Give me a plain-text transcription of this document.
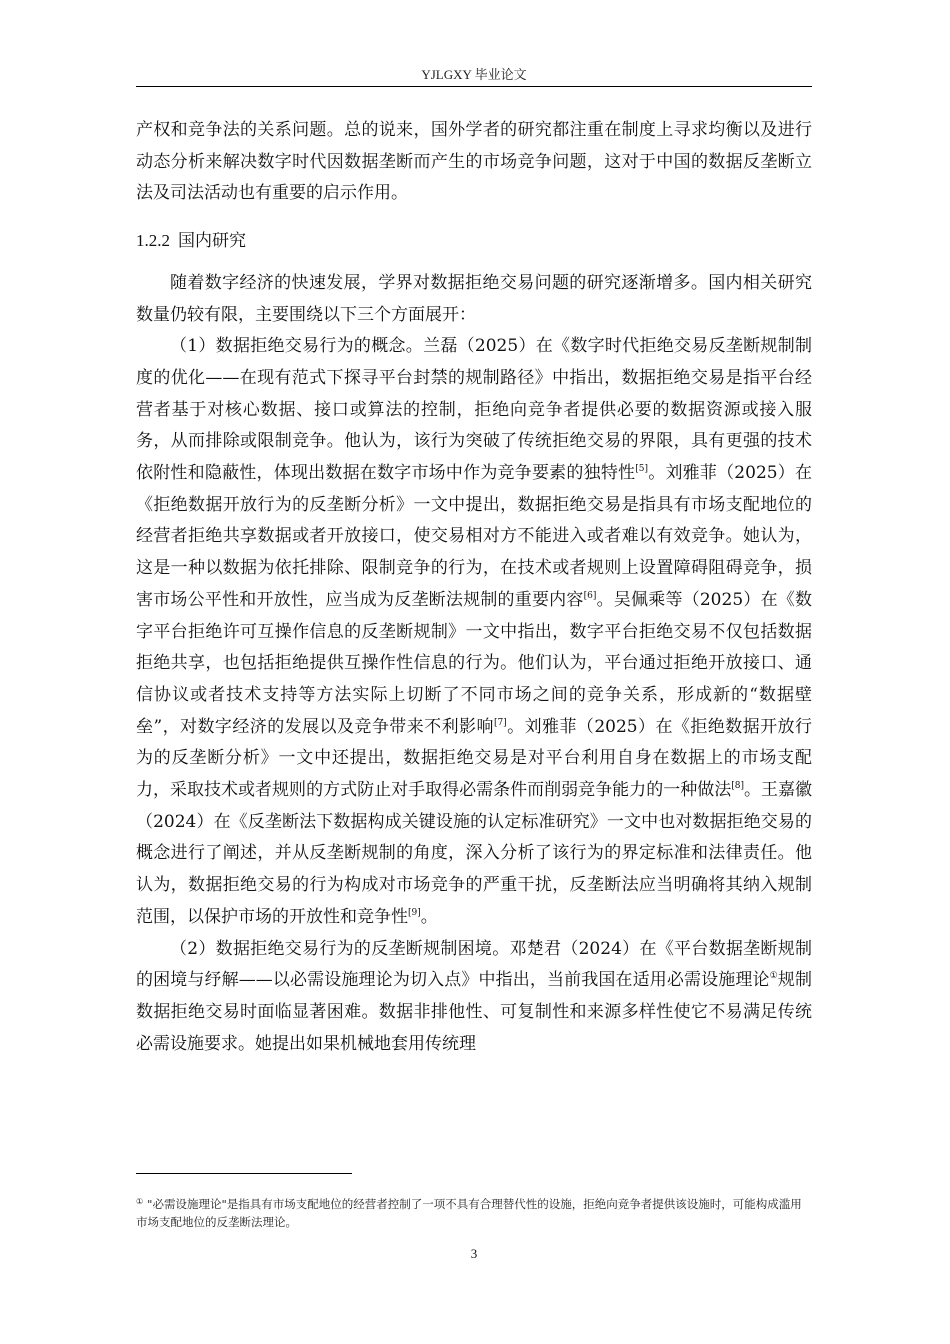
YJLGXY 毕业论文

产权和竞争法的关系问题。总的说来，国外学者的研究都注重在制度上寻求均衡以及进行动态分析来解决数字时代因数据垄断而产生的市场竞争问题，这对于中国的数据反垄断立法及司法活动也有重要的启示作用。

1.2.2 国内研究

随着数字经济的快速发展，学界对数据拒绝交易问题的研究逐渐增多。国内相关研究数量仍较有限，主要围绕以下三个方面展开：

（1）数据拒绝交易行为的概念。兰磊（2025）在《数字时代拒绝交易反垄断规制制度的优化——在现有范式下探寻平台封禁的规制路径》中指出，数据拒绝交易是指平台经营者基于对核心数据、接口或算法的控制，拒绝向竞争者提供必要的数据资源或接入服务，从而排除或限制竞争。他认为，该行为突破了传统拒绝交易的界限，具有更强的技术依附性和隐蔽性，体现出数据在数字市场中作为竞争要素的独特性[5]。刘雅菲（2025）在《拒绝数据开放行为的反垄断分析》一文中提出，数据拒绝交易是指具有市场支配地位的经营者拒绝共享数据或者开放接口，使交易相对方不能进入或者难以有效竞争。她认为，这是一种以数据为依托排除、限制竞争的行为，在技术或者规则上设置障碍阻碍竞争，损害市场公平性和开放性，应当成为反垄断法规制的重要内容[6]。吴佩乘等（2025）在《数字平台拒绝许可互操作信息的反垄断规制》一文中指出，数字平台拒绝交易不仅包括数据拒绝共享，也包括拒绝提供互操作性信息的行为。他们认为，平台通过拒绝开放接口、通信协议或者技术支持等方法实际上切断了不同市场之间的竞争关系，形成新的“数据壁垒”，对数字经济的发展以及竞争带来不利影响[7]。刘雅菲（2025）在《拒绝数据开放行为的反垄断分析》一文中还提出，数据拒绝交易是对平台利用自身在数据上的市场支配力，采取技术或者规则的方式防止对手取得必需条件而削弱竞争能力的一种做法[8]。王嘉徽（2024）在《反垄断法下数据构成关键设施的认定标准研究》一文中也对数据拒绝交易的概念进行了阐述，并从反垄断规制的角度，深入分析了该行为的界定标准和法律责任。他认为，数据拒绝交易的行为构成对市场竞争的严重干扰，反垄断法应当明确将其纳入规制范围，以保护市场的开放性和竞争性[9]。

（2）数据拒绝交易行为的反垄断规制困境。邓楚君（2024）在《平台数据垄断规制的困境与纾解——以必需设施理论为切入点》中指出，当前我国在适用必需设施理论①规制数据拒绝交易时面临显著困难。数据非排他性、可复制性和来源多样性使它不易满足传统必需设施要求。她提出如果机械地套用传统理

① "必需设施理论"是指具有市场支配地位的经营者控制了一项不具有合理替代性的设施，拒绝向竞争者提供该设施时，可能构成滥用市场支配地位的反垄断法理论。
3
